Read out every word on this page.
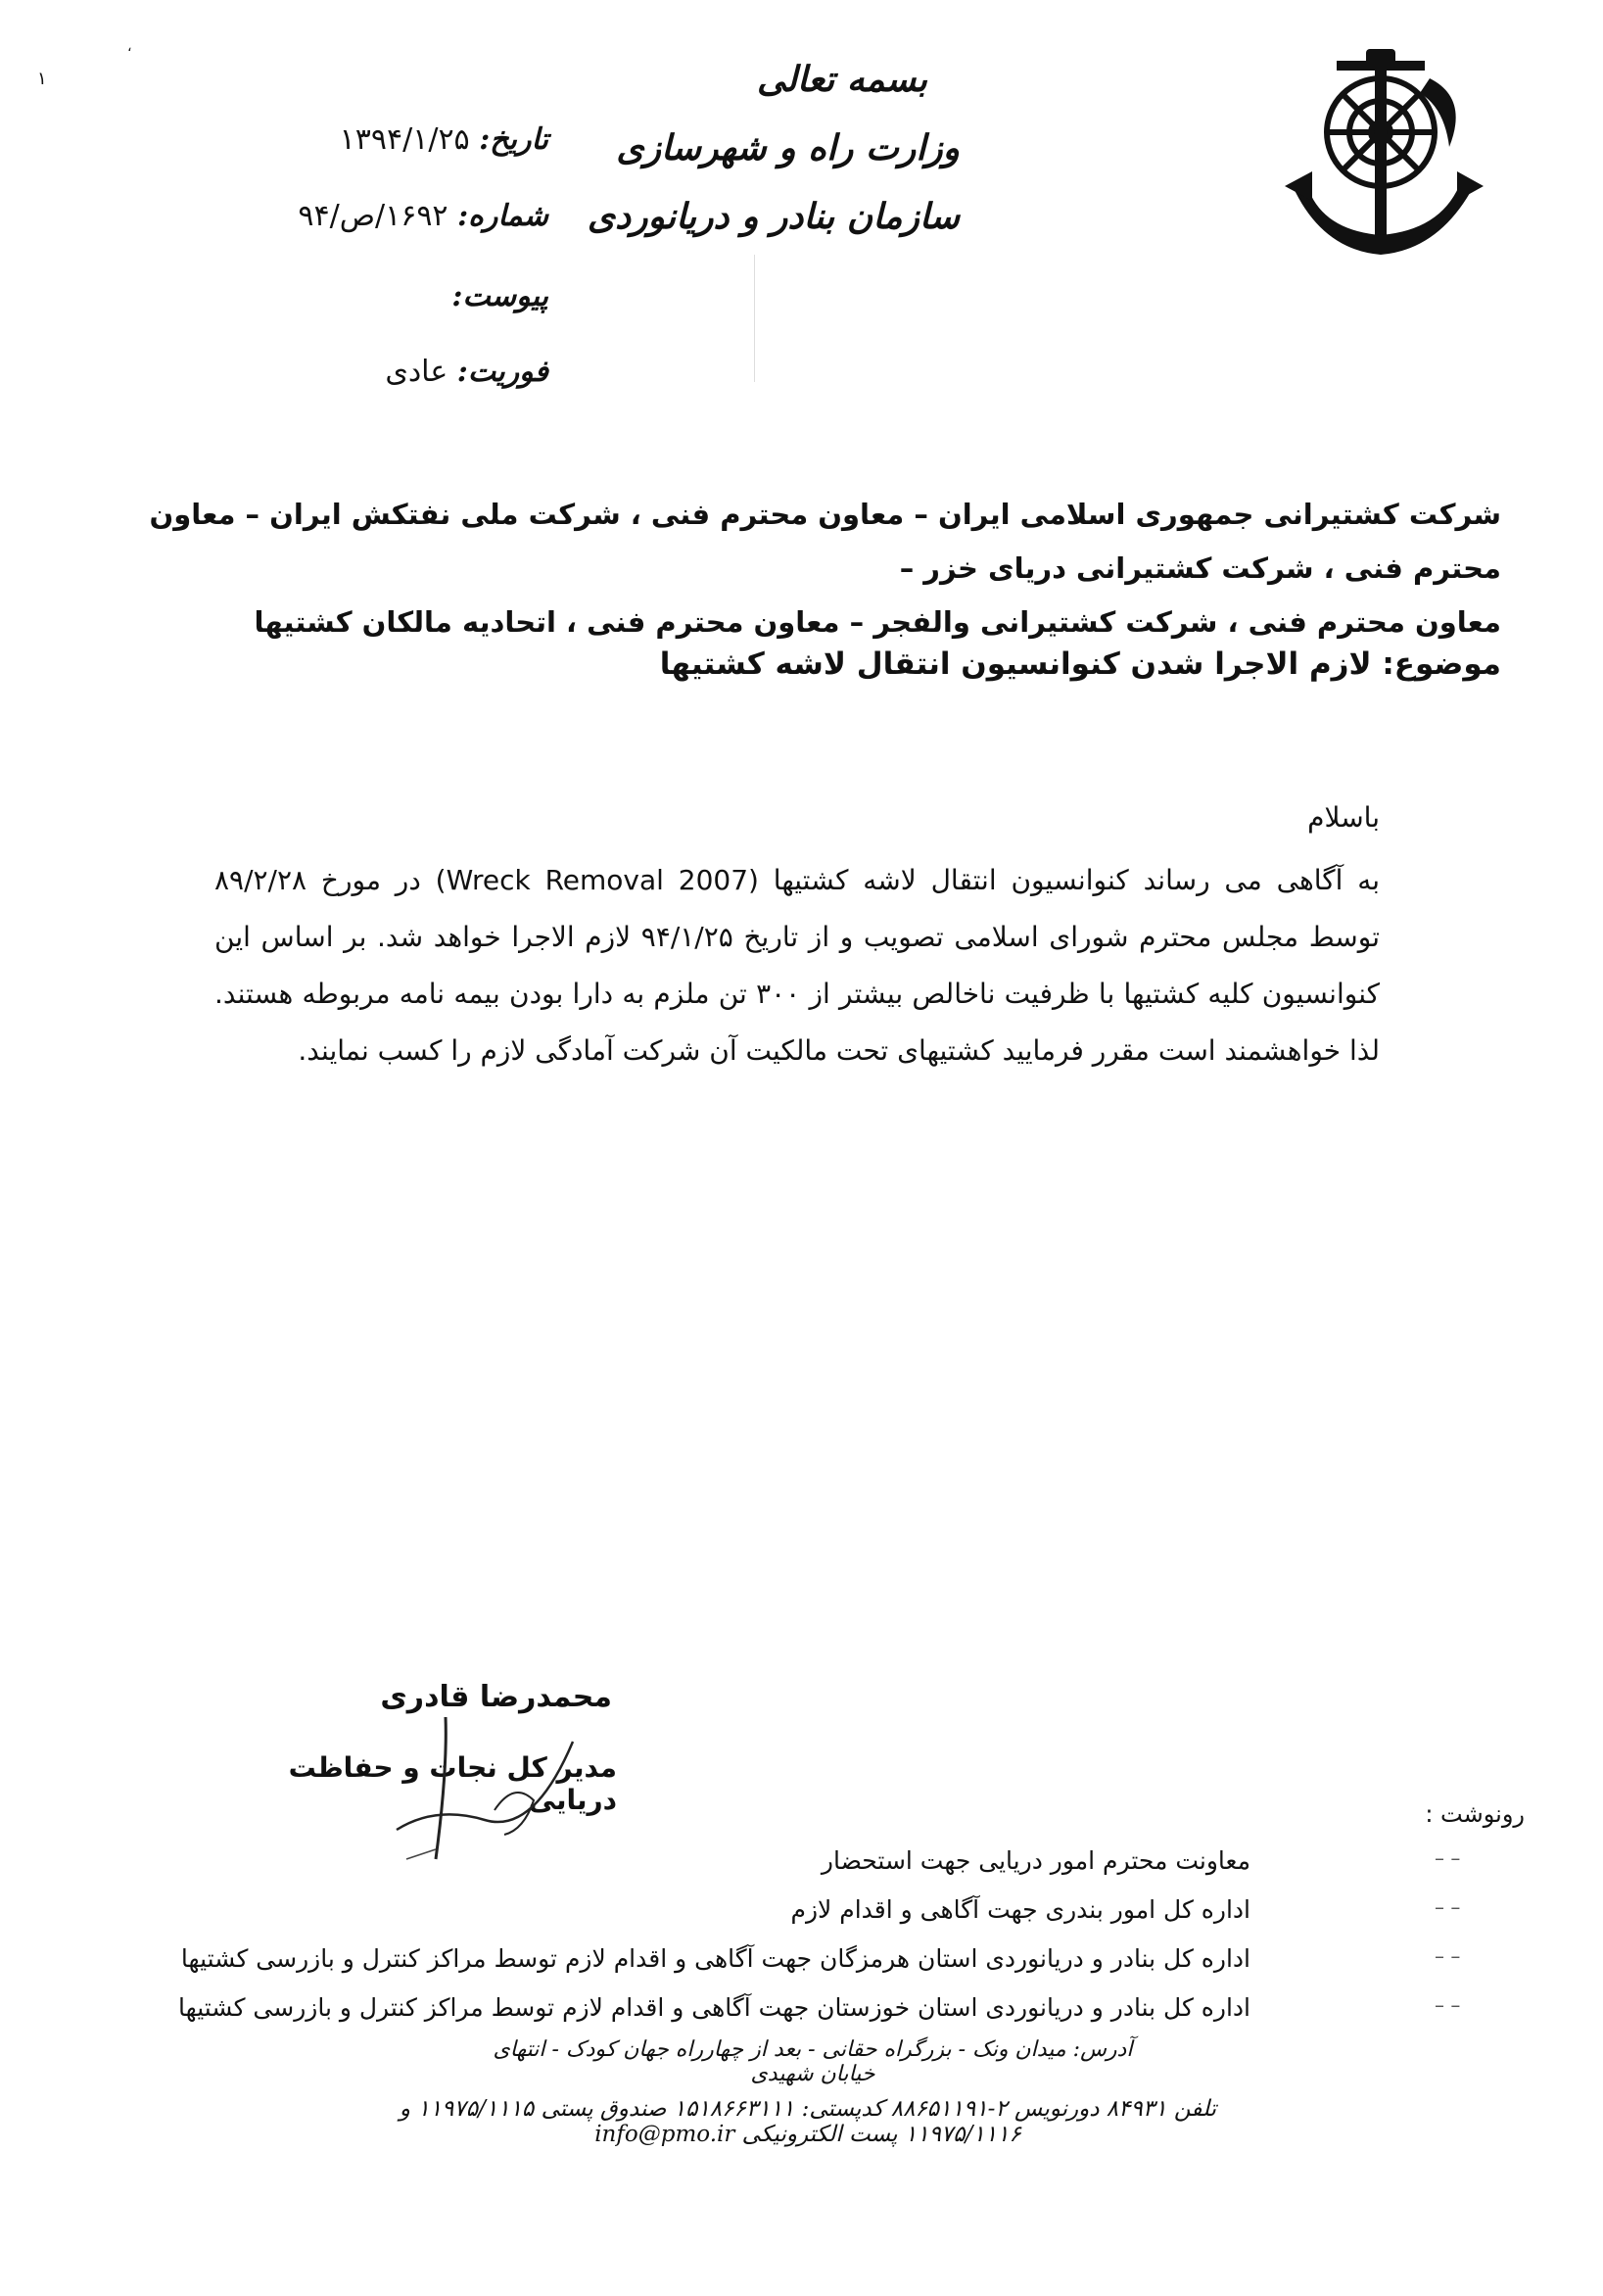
١
،
بسمه تعالی
وزارت راه و شهرسازی
سازمان بنادر و دریانوردی
تاریخ: ۱۳۹۴/۱/۲۵
شماره: ۱۶۹۲/ص/۹۴
پیوست:
فوریت: عادی
شرکت کشتیرانی جمهوری اسلامی ایران – معاون محترم فنی ، شرکت ملی نفتکش ایران – معاون محترم فنی ، شرکت کشتیرانی دریای خزر –
معاون محترم فنی ، شرکت کشتیرانی والفجر – معاون محترم فنی ، اتحادیه مالکان کشتیها
موضوع: لازم الاجرا شدن کنوانسیون انتقال لاشه کشتیها
باسلام
به آگاهی می رساند کنوانسیون انتقال لاشه کشتیها (Wreck Removal 2007) در مورخ ۸۹/۲/۲۸ توسط مجلس محترم شورای اسلامی تصویب و از تاریخ ۹۴/۱/۲۵ لازم الاجرا خواهد شد. بر اساس این کنوانسیون کلیه کشتیها با ظرفیت ناخالص بیشتر از ۳۰۰ تن ملزم به دارا بودن بیمه نامه مربوطه هستند. لذا خواهشمند است مقرر فرمایید کشتیهای تحت مالکیت آن شرکت آمادگی لازم را کسب نمایند.
محمدرضا قادری
مدیر کل نجات و حفاظت دریایی	رونوشت :
معاونت محترم امور دریایی جهت استحضار	– –
اداره کل امور بندری جهت آگاهی و اقدام لازم	– –
اداره کل بنادر و دریانوردی استان هرمزگان جهت آگاهی و اقدام لازم توسط مراکز کنترل و بازرسی کشتیها	– –
اداره کل بنادر و دریانوردی استان خوزستان جهت آگاهی و اقدام لازم توسط مراکز کنترل و بازرسی کشتیها	– –
آدرس: میدان ونک - بزرگراه حقانی - بعد از چهارراه جهان کودک - انتهای خیابان شهیدی
تلفن ۸۴۹۳۱ دورنویس ۲-۸۸۶۵۱۱۹۱ کدپستی: ۱۵۱۸۶۶۳۱۱۱ صندوق پستی ۱۱۹۷۵/۱۱۱۵ و ۱۱۹۷۵/۱۱۱۶ پست الکترونیکی info@pmo.ir
